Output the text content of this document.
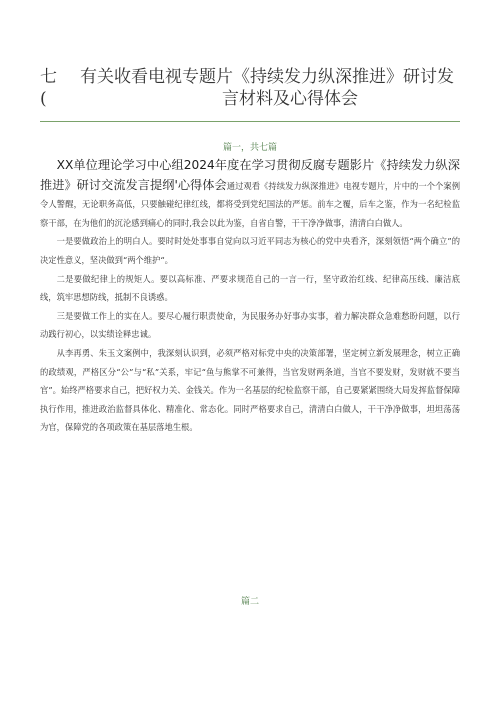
七
(
有关收看电视专题片《持续发力纵深推进》研讨发
言材料及心得体会
篇一，共七篇

XX单位理论学习中心组2024年度在学习贯彻反腐专题影片《持续发力纵深推进》研讨交流发言提纲'心得体会通过观看《持续发力纵深推进》电视专题片，片中的一个个案例令人警醒，无论职务高低，只要触碰纪律红线，都将受到党纪国法的严惩。前车之覆，后车之鉴，作为一名纪检监察干部，在为他们的沉沦感到痛心的同时,我会以此为鉴，自省自警，干干净净做事，清清白白做人。

一是要做政治上的明白人。要时时处处事事自觉向以习近平同志为核心的党中央看齐，深刻领悟“两个确立”的决定性意义，坚决做到“两个维护“。

二是要做纪律上的规矩人。要以高标准、严要求规范自己的一言一行，坚守政治红线、纪律高压线、廉洁底线，筑牢思想防线，抵制不良诱惑。

三是要做工作上的实在人。要尽心履行职责使命，为民服务办好事办实事，着力解决群众急难愁盼问题，以行动践行初心，以实绩诠释忠诚。

从李再勇、朱玉文案例中，我深刻认识到，必须严格对标党中央的决策部署，坚定树立新发展理念，树立正确的政绩观，严格区分“公”与“私”关系，牢记“鱼与熊掌不可兼得，当官发财两条道，当官不要发财，发财就不要当官”。始终严格要求自己，把好权力关、金钱关。作为一名基层的纪检监察干部，自己要紧紧围绕大局发挥监督保障执行作用，推进政治监督具体化、精准化、常态化。同时严格要求自己，清清白白做人，干干净净做事，坦坦荡荡为官，保障党的各项政策在基层落地生根。

篇二
